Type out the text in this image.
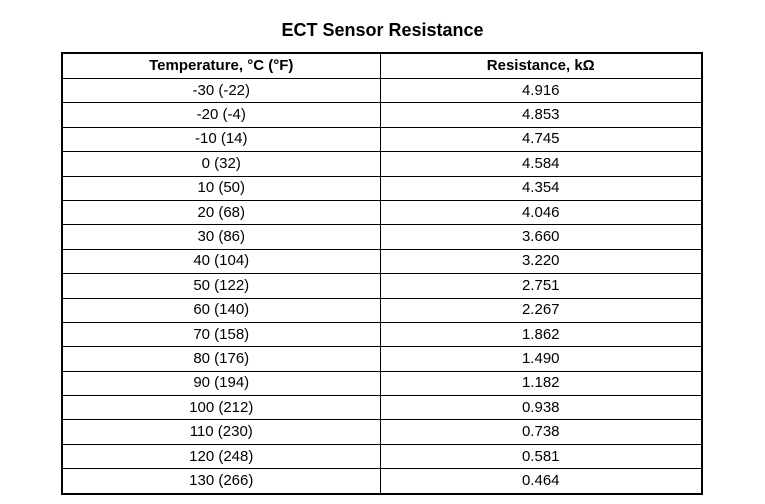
ECT Sensor Resistance
Temperature, °C (°F)	Resistance, kΩ
-30 (-22)	4.916
-20 (-4)	4.853
-10 (14)	4.745
0 (32)	4.584
10 (50)	4.354
20 (68)	4.046
30 (86)	3.660
40 (104)	3.220
50 (122)	2.751
60 (140)	2.267
70 (158)	1.862
80 (176)	1.490
90 (194)	1.182
100 (212)	0.938
110 (230)	0.738
120 (248)	0.581
130 (266)	0.464
